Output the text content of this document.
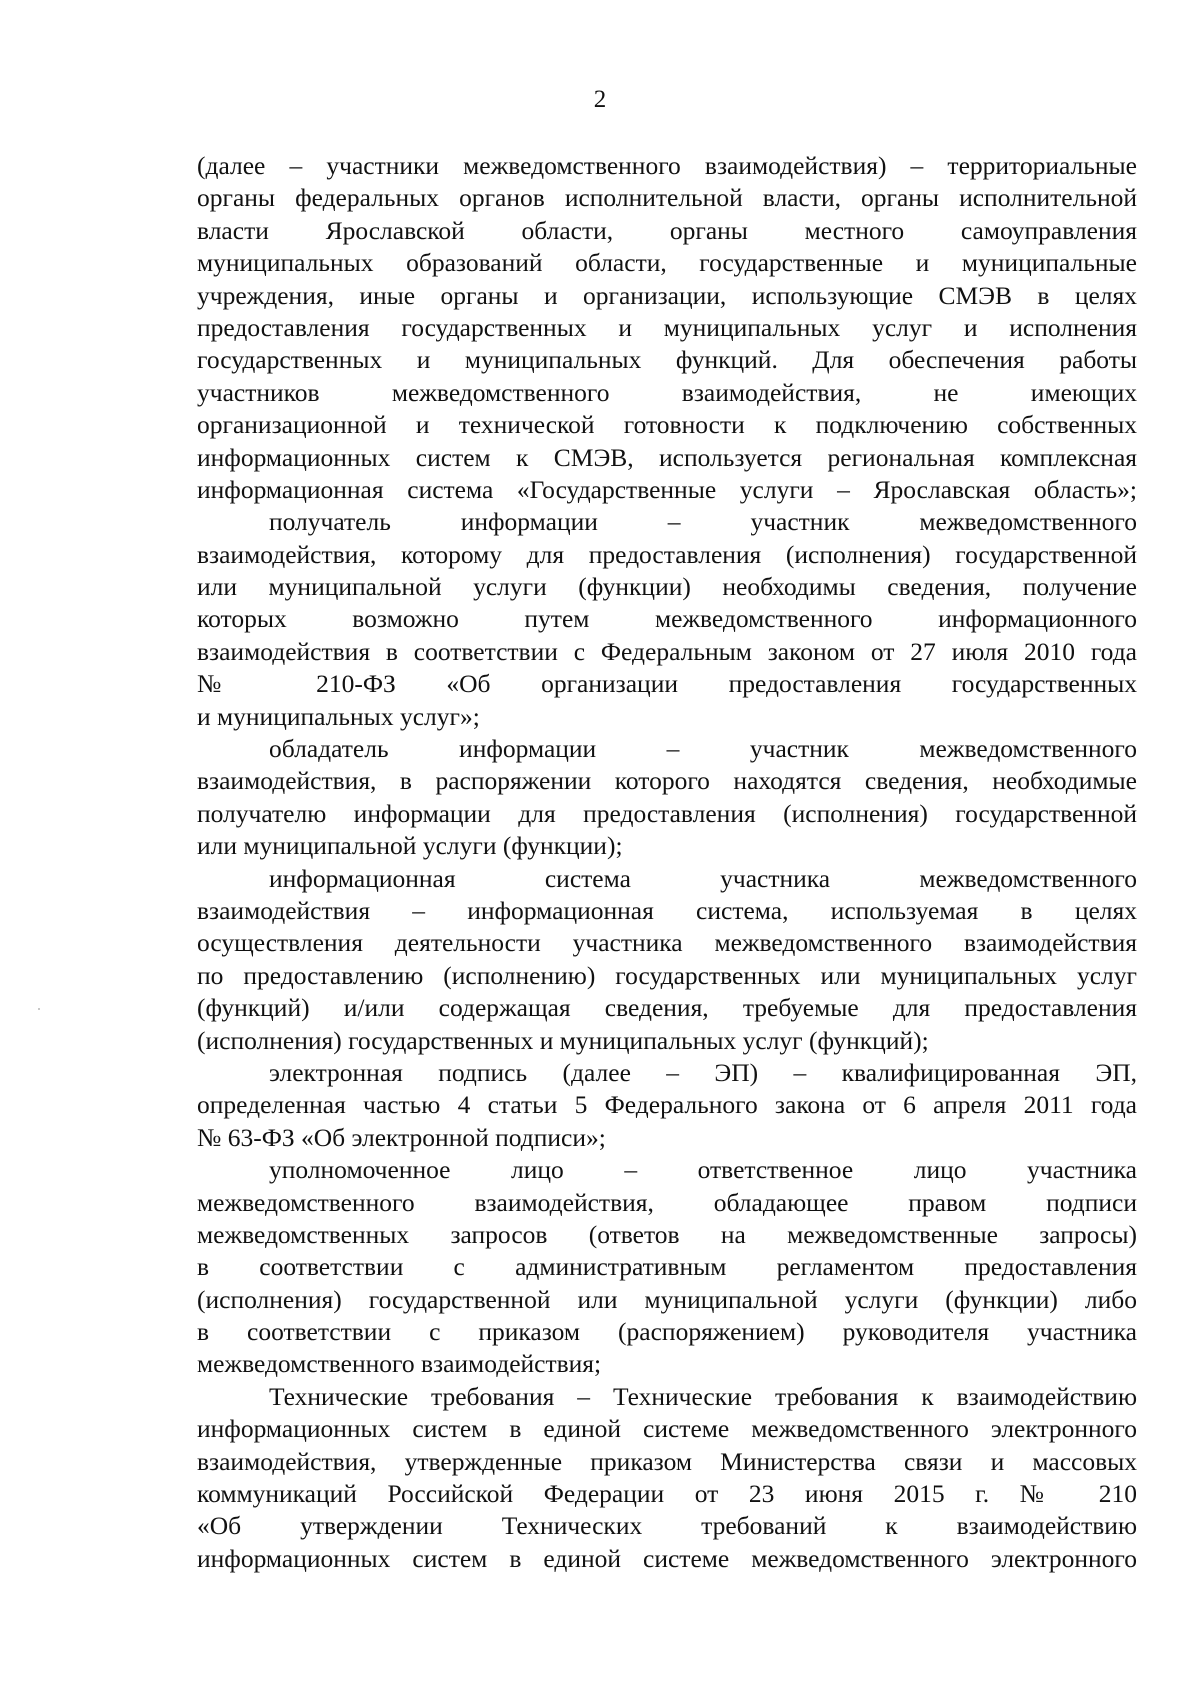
2
(далее – участники межведомственного взаимодействия) – территориальные
органы федеральных органов исполнительной власти, органы исполнительной
власти Ярославской области, органы местного самоуправления
муниципальных образований области, государственные и муниципальные
учреждения, иные органы и организации, использующие СМЭВ в целях
предоставления государственных и муниципальных услуг и исполнения
государственных и муниципальных функций. Для обеспечения работы
участников межведомственного взаимодействия, не имеющих
организационной и технической готовности к подключению собственных
информационных систем к СМЭВ, используется региональная комплексная
информационная система «Государственные услуги – Ярославская область»;
получатель информации – участник межведомственного
взаимодействия, которому для предоставления (исполнения) государственной
или муниципальной услуги (функции) необходимы сведения, получение
которых возможно путем межведомственного информационного
взаимодействия в соответствии с Федеральным законом от 27 июля 2010 года
№ 210-ФЗ «Об организации предоставления государственных
и муниципальных услуг»;
обладатель информации – участник межведомственного
взаимодействия, в распоряжении которого находятся сведения, необходимые
получателю информации для предоставления (исполнения) государственной
или муниципальной услуги (функции);
информационная система участника межведомственного
взаимодействия – информационная система, используемая в целях
осуществления деятельности участника межведомственного взаимодействия
по предоставлению (исполнению) государственных или муниципальных услуг
(функций) и/или содержащая сведения, требуемые для предоставления
(исполнения) государственных и муниципальных услуг (функций);
электронная подпись (далее – ЭП) – квалифицированная ЭП,
определенная частью 4 статьи 5 Федерального закона от 6 апреля 2011 года
№ 63-ФЗ «Об электронной подписи»;
уполномоченное лицо – ответственное лицо участника
межведомственного взаимодействия, обладающее правом подписи
межведомственных запросов (ответов на межведомственные запросы)
в соответствии с административным регламентом предоставления
(исполнения) государственной или муниципальной услуги (функции) либо
в соответствии с приказом (распоряжением) руководителя участника
межведомственного взаимодействия;
Технические требования – Технические требования к взаимодействию
информационных систем в единой системе межведомственного электронного
взаимодействия, утвержденные приказом Министерства связи и массовых
коммуникаций Российской Федерации от 23 июня 2015 г. № 210
«Об утверждении Технических требований к взаимодействию
информационных систем в единой системе межведомственного электронного
